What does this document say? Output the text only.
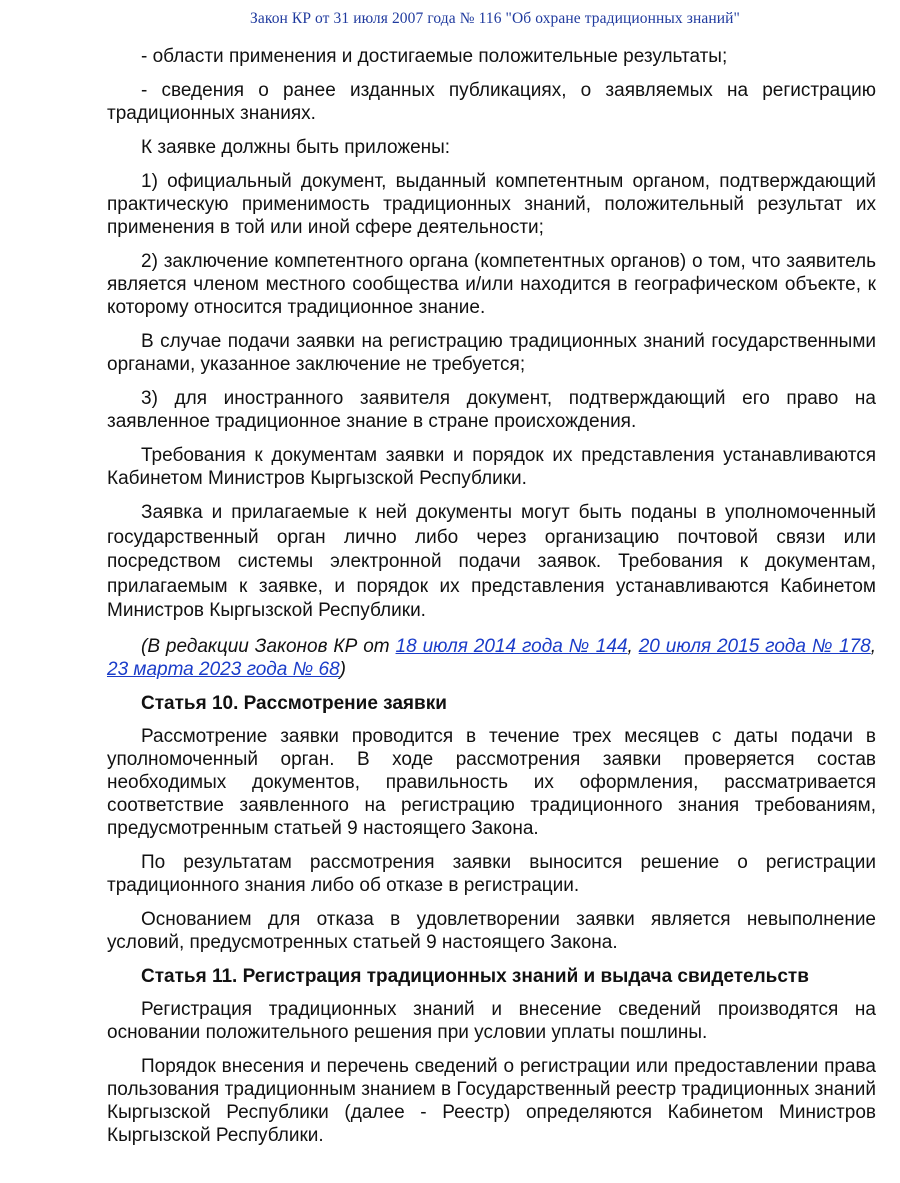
Закон КР от 31 июля 2007 года № 116 "Об охране традиционных знаний"

- области применения и достигаемые положительные результаты;

- сведения о ранее изданных публикациях, о заявляемых на регистрацию традиционных знаниях.

К заявке должны быть приложены:

1) официальный документ, выданный компетентным органом, подтверждающий практическую применимость традиционных знаний, положительный результат их применения в той или иной сфере деятельности;

2) заключение компетентного органа (компетентных органов) о том, что заявитель является членом местного сообщества и/или находится в географическом объекте, к которому относится традиционное знание.

В случае подачи заявки на регистрацию традиционных знаний государственными органами, указанное заключение не требуется;

3) для иностранного заявителя документ, подтверждающий его право на заявленное традиционное знание в стране происхождения.

Требования к документам заявки и порядок их представления устанавливаются Кабинетом Министров Кыргызской Республики.

Заявка и прилагаемые к ней документы могут быть поданы в уполномоченный государственный орган лично либо через организацию почтовой связи или посредством системы электронной подачи заявок. Требования к документам, прилагаемым к заявке, и порядок их представления устанавливаются Кабинетом Министров Кыргызской Республики.

(В редакции Законов КР от 18 июля 2014 года № 144, 20 июля 2015 года № 178, 23 марта 2023 года № 68)

Статья 10. Рассмотрение заявки

Рассмотрение заявки проводится в течение трех месяцев с даты подачи в уполномоченный орган. В ходе рассмотрения заявки проверяется состав необходимых документов, правильность их оформления, рассматривается соответствие заявленного на регистрацию традиционного знания требованиям, предусмотренным статьей 9 настоящего Закона.

По результатам рассмотрения заявки выносится решение о регистрации традиционного знания либо об отказе в регистрации.

Основанием для отказа в удовлетворении заявки является невыполнение условий, предусмотренных статьей 9 настоящего Закона.

Статья 11. Регистрация традиционных знаний и выдача свидетельств

Регистрация традиционных знаний и внесение сведений производятся на основании положительного решения при условии уплаты пошлины.

Порядок внесения и перечень сведений о регистрации или предоставлении права пользования традиционным знанием в Государственный реестр традиционных знаний Кыргызской Республики (далее - Реестр) определяются Кабинетом Министров Кыргызской Республики.
